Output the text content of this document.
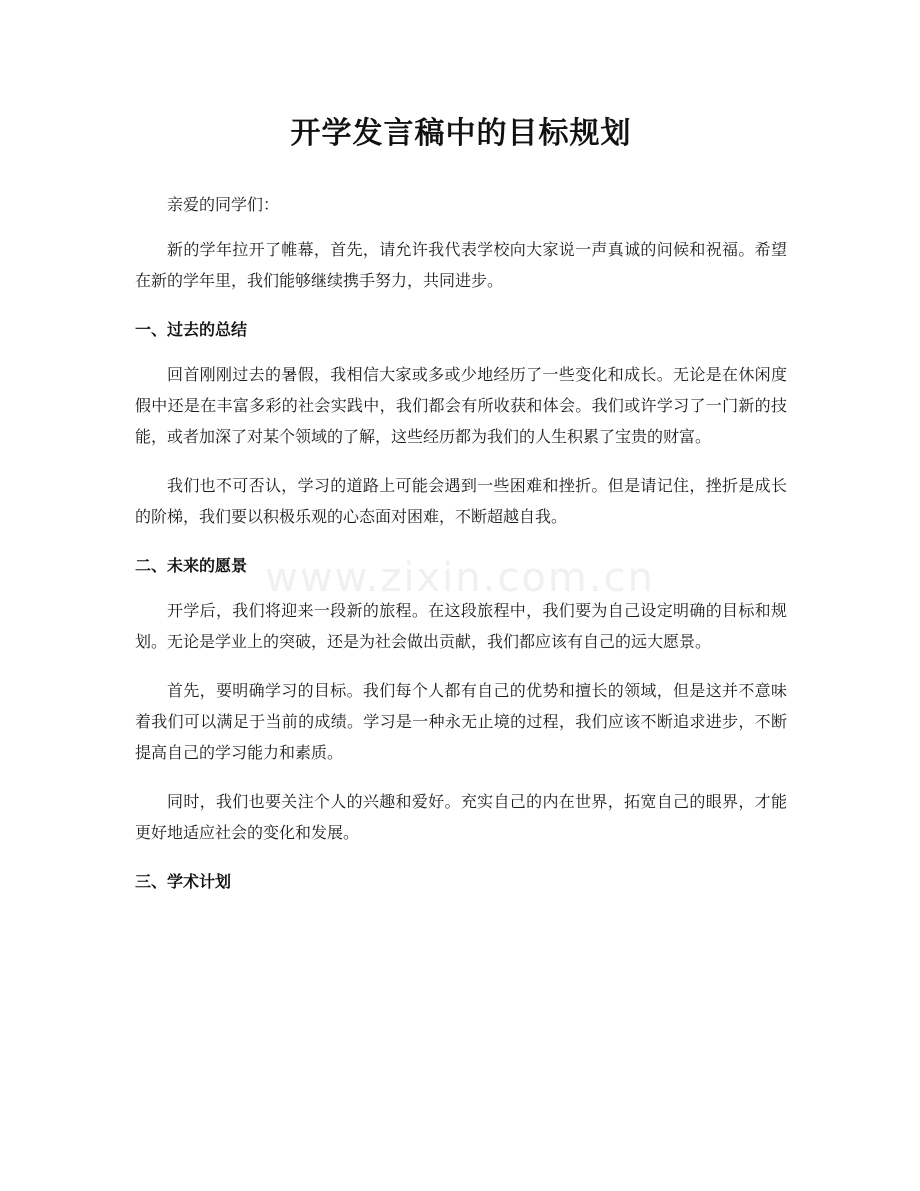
www.zixin.com.cn
开学发言稿中的目标规划

亲爱的同学们：

新的学年拉开了帷幕，首先，请允许我代表学校向大家说一声真诚的问候和祝福。希望在新的学年里，我们能够继续携手努力，共同进步。

一、过去的总结

回首刚刚过去的暑假，我相信大家或多或少地经历了一些变化和成长。无论是在休闲度假中还是在丰富多彩的社会实践中，我们都会有所收获和体会。我们或许学习了一门新的技能，或者加深了对某个领域的了解，这些经历都为我们的人生积累了宝贵的财富。

我们也不可否认，学习的道路上可能会遇到一些困难和挫折。但是请记住，挫折是成长的阶梯，我们要以积极乐观的心态面对困难，不断超越自我。

二、未来的愿景

开学后，我们将迎来一段新的旅程。在这段旅程中，我们要为自己设定明确的目标和规划。无论是学业上的突破，还是为社会做出贡献，我们都应该有自己的远大愿景。

首先，要明确学习的目标。我们每个人都有自己的优势和擅长的领域，但是这并不意味着我们可以满足于当前的成绩。学习是一种永无止境的过程，我们应该不断追求进步，不断提高自己的学习能力和素质。

同时，我们也要关注个人的兴趣和爱好。充实自己的内在世界，拓宽自己的眼界，才能更好地适应社会的变化和发展。

三、学术计划
